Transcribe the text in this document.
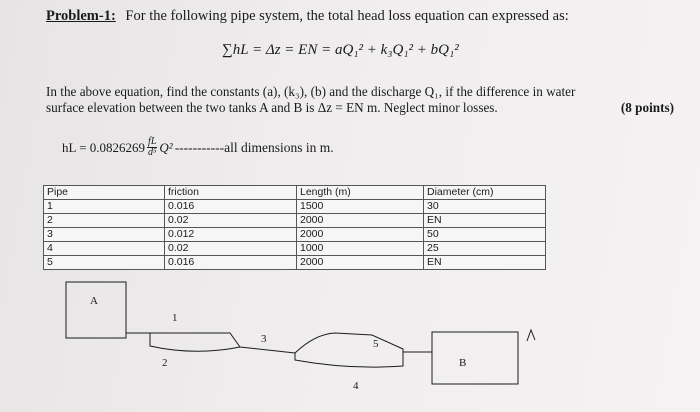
Problem-1: For the following pipe system, the total head loss equation can expressed as:
∑hL = Δz = EN = aQ₁² + k₃Q₁² + bQ₁²
In the above equation, find the constants (a), (k₃), (b) and the discharge Q₁, if the difference in water
surface elevation between the two tanks A and B is Δz = EN m. Neglect minor losses.	(8 points)
hL = $0.0826269 \frac{fL}{\text{d⁵}} Q^2$ -----------all dimensions in m.
Pipe	friction	Length (m)	Diameter (cm)
1	0.016	1500	30
2	0.02	2000	EN
3	0.012	2000	50
4	0.02	1000	25
5	0.016	2000	EN
A
B
1
2
3
4
5
